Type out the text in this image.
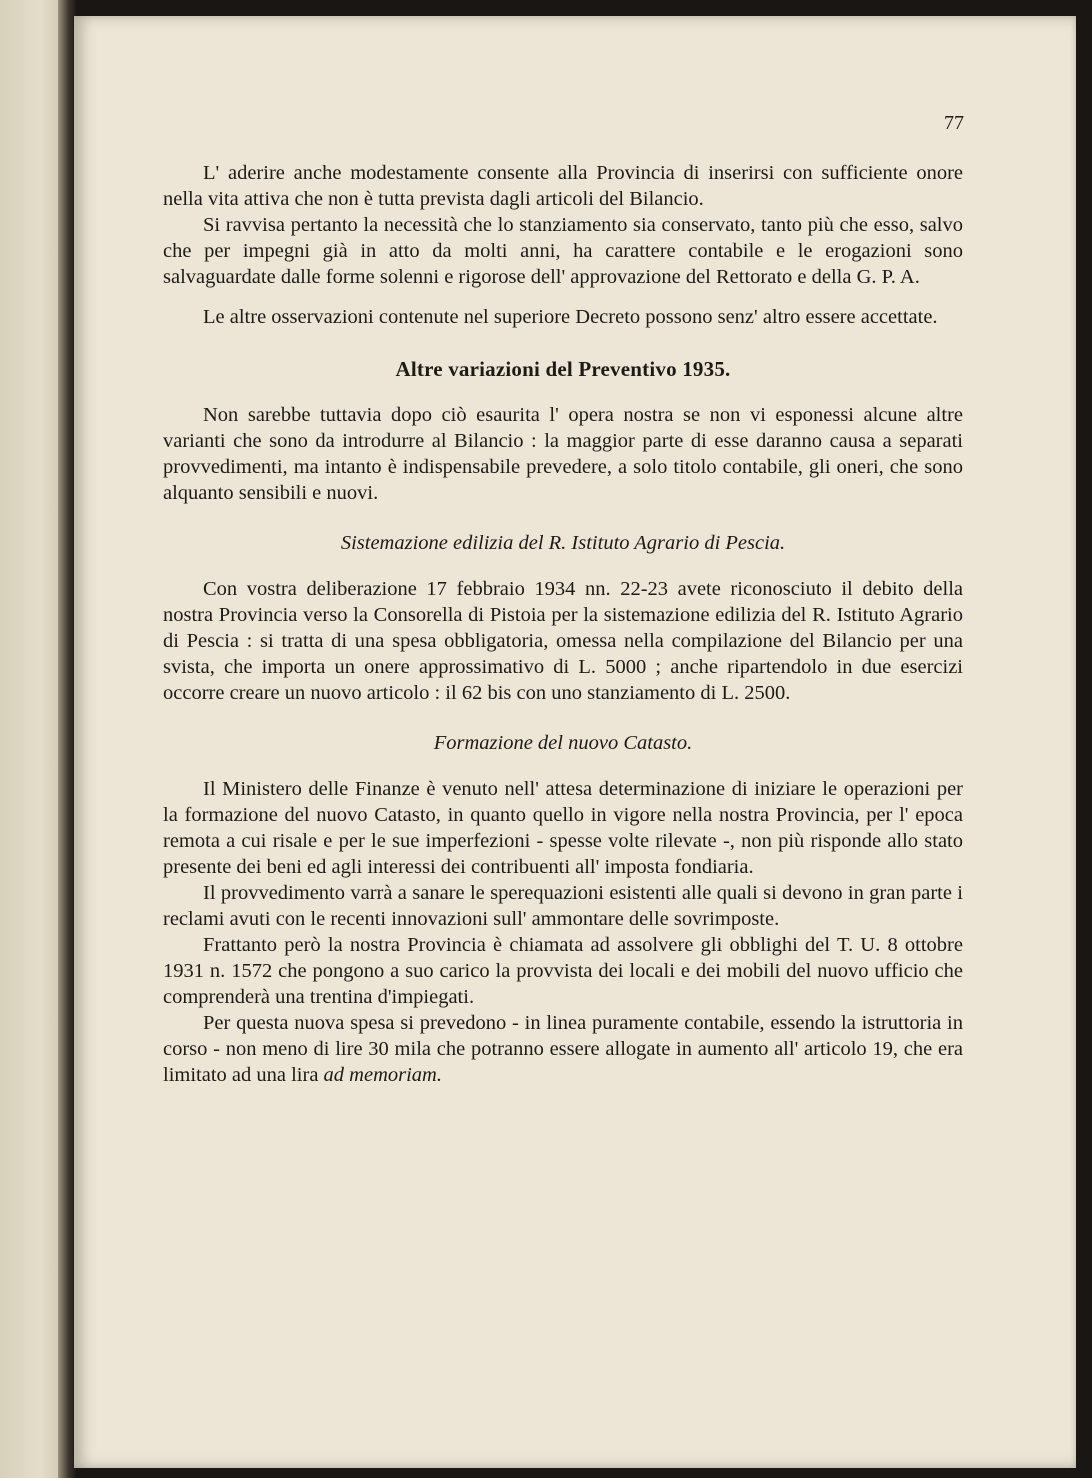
77

L' aderire anche modestamente consente alla Provincia di inserirsi con sufficiente onore nella vita attiva che non è tutta prevista dagli articoli del Bilancio.

Si ravvisa pertanto la necessità che lo stanziamento sia conservato, tanto più che esso, salvo che per impegni già in atto da molti anni, ha carattere contabile e le erogazioni sono salvaguardate dalle forme solenni e rigorose dell' approvazione del Rettorato e della G. P. A.

Le altre osservazioni contenute nel superiore Decreto possono senz' altro essere accettate.

Altre variazioni del Preventivo 1935.

Non sarebbe tuttavia dopo ciò esaurita l' opera nostra se non vi esponessi alcune altre varianti che sono da introdurre al Bilancio : la maggior parte di esse daranno causa a separati provvedimenti, ma intanto è indispensabile prevedere, a solo titolo contabile, gli oneri, che sono alquanto sensibili e nuovi.

Sistemazione edilizia del R. Istituto Agrario di Pescia.

Con vostra deliberazione 17 febbraio 1934 nn. 22-23 avete riconosciuto il debito della nostra Provincia verso la Consorella di Pistoia per la sistemazione edilizia del R. Istituto Agrario di Pescia : si tratta di una spesa obbligatoria, omessa nella compilazione del Bilancio per una svista, che importa un onere approssimativo di L. 5000 ; anche ripartendolo in due esercizi occorre creare un nuovo articolo : il 62 bis con uno stanziamento di L. 2500.

Formazione del nuovo Catasto.

Il Ministero delle Finanze è venuto nell' attesa determinazione di iniziare le operazioni per la formazione del nuovo Catasto, in quanto quello in vigore nella nostra Provincia, per l' epoca remota a cui risale e per le sue imperfezioni - spesse volte rilevate -, non più risponde allo stato presente dei beni ed agli interessi dei contribuenti all' imposta fondiaria.

Il provvedimento varrà a sanare le sperequazioni esistenti alle quali si devono in gran parte i reclami avuti con le recenti innovazioni sull' ammontare delle sovrimposte.

Frattanto però la nostra Provincia è chiamata ad assolvere gli obblighi del T. U. 8 ottobre 1931 n. 1572 che pongono a suo carico la provvista dei locali e dei mobili del nuovo ufficio che comprenderà una trentina d'impiegati.

Per questa nuova spesa si prevedono - in linea puramente contabile, essendo la istruttoria in corso - non meno di lire 30 mila che potranno essere allogate in aumento all' articolo 19, che era limitato ad una lira ad memoriam.
